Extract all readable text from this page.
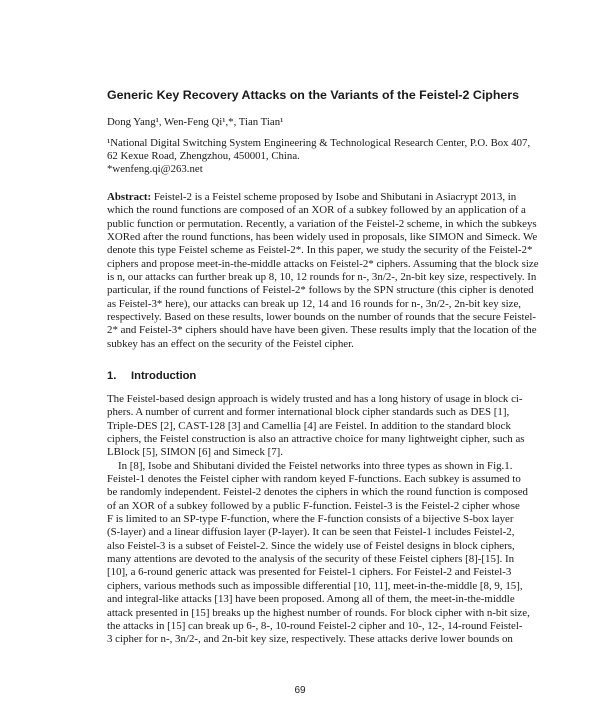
Generic Key Recovery Attacks on the Variants of the Feistel-2 Ciphers
Dong Yang¹, Wen-Feng Qi¹,*, Tian Tian¹
¹National Digital Switching System Engineering & Technological Research Center, P.O. Box 407,
62 Kexue Road, Zhengzhou, 450001, China.
*wenfeng.qi@263.net
Abstract: Feistel-2 is a Feistel scheme proposed by Isobe and Shibutani in Asiacrypt 2013, in
which the round functions are composed of an XOR of a subkey followed by an application of a
public function or permutation. Recently, a variation of the Feistel-2 scheme, in which the subkeys
XORed after the round functions, has been widely used in proposals, like SIMON and Simeck. We
denote this type Feistel scheme as Feistel-2*. In this paper, we study the security of the Feistel-2*
ciphers and propose meet-in-the-middle attacks on Feistel-2* ciphers. Assuming that the block size
is n, our attacks can further break up 8, 10, 12 rounds for n-, 3n/2-, 2n-bit key size, respectively. In
particular, if the round functions of Feistel-2* follows by the SPN structure (this cipher is denoted
as Feistel-3* here), our attacks can break up 12, 14 and 16 rounds for n-, 3n/2-, 2n-bit key size,
respectively. Based on these results, lower bounds on the number of rounds that the secure Feistel-
2* and Feistel-3* ciphers should have have been given. These results imply that the location of the
subkey has an effect on the security of the Feistel cipher.
1. Introduction
The Feistel-based design approach is widely trusted and has a long history of usage in block ci-
phers. A number of current and former international block cipher standards such as DES [1],
Triple-DES [2], CAST-128 [3] and Camellia [4] are Feistel. In addition to the standard block
ciphers, the Feistel construction is also an attractive choice for many lightweight cipher, such as
LBlock [5], SIMON [6] and Simeck [7].
In [8], Isobe and Shibutani divided the Feistel networks into three types as shown in Fig.1.
Feistel-1 denotes the Feistel cipher with random keyed F-functions. Each subkey is assumed to
be randomly independent. Feistel-2 denotes the ciphers in which the round function is composed
of an XOR of a subkey followed by a public F-function. Feistel-3 is the Feistel-2 cipher whose
F is limited to an SP-type F-function, where the F-function consists of a bijective S-box layer
(S-layer) and a linear diffusion layer (P-layer). It can be seen that Feistel-1 includes Feistel-2,
also Feistel-3 is a subset of Feistel-2. Since the widely use of Feistel designs in block ciphers,
many attentions are devoted to the analysis of the security of these Feistel ciphers [8]-[15]. In
[10], a 6-round generic attack was presented for Feistel-1 ciphers. For Feistel-2 and Feistel-3
ciphers, various methods such as impossible differential [10, 11], meet-in-the-middle [8, 9, 15],
and integral-like attacks [13] have been proposed. Among all of them, the meet-in-the-middle
attack presented in [15] breaks up the highest number of rounds. For block cipher with n-bit size,
the attacks in [15] can break up 6-, 8-, 10-round Feistel-2 cipher and 10-, 12-, 14-round Feistel-
3 cipher for n-, 3n/2-, and 2n-bit key size, respectively. These attacks derive lower bounds on
69
